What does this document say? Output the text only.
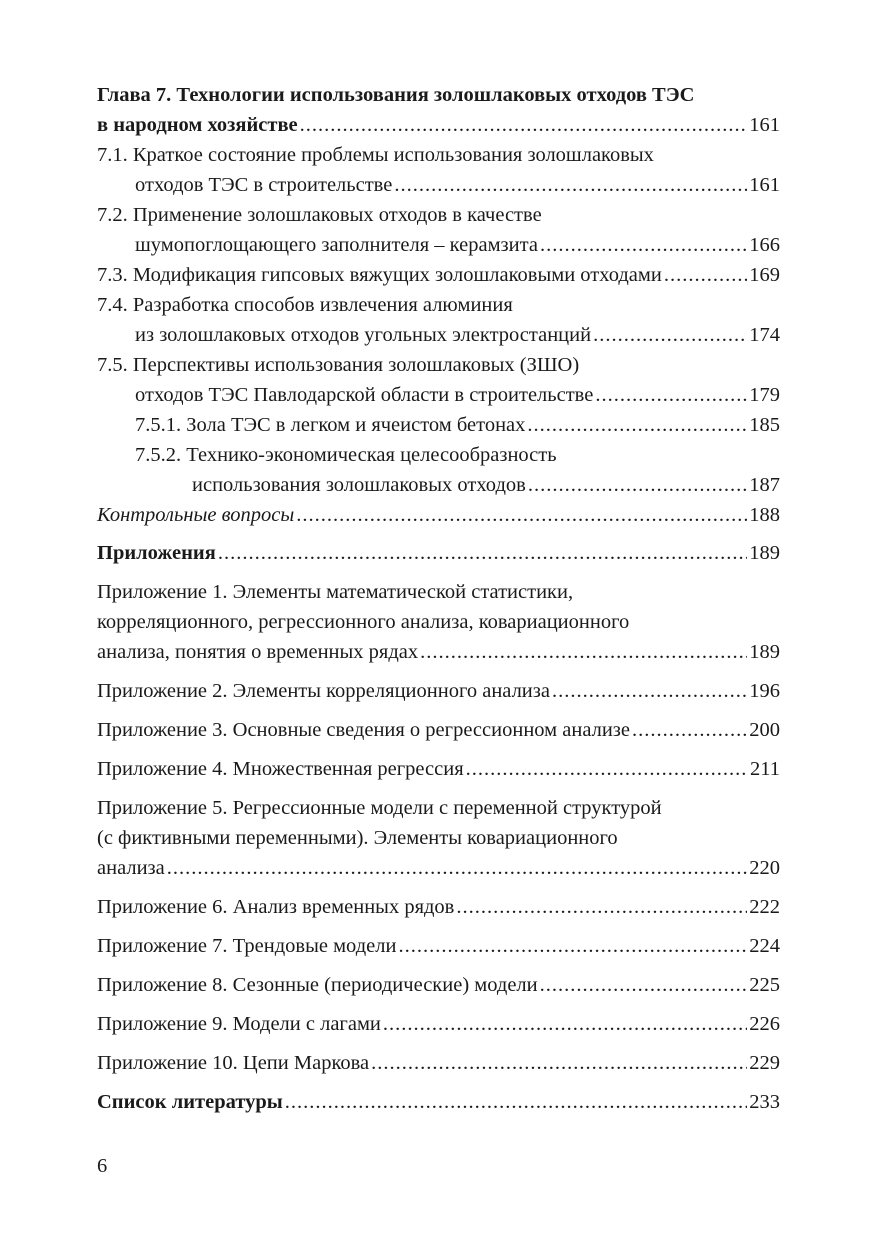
Глава 7. Технологии использования золошлаковых отходов ТЭС
в народном хозяйстве .....	161
7.1. Краткое состояние проблемы использования золошлаковых
отходов ТЭС в строительстве .....	161
7.2. Применение золошлаковых отходов в качестве
шумопоглощающего заполнителя – керамзита .....	166
7.3. Модификация гипсовых вяжущих золошлаковыми отходами .....	169
7.4. Разработка способов извлечения алюминия
из золошлаковых отходов угольных электростанций .....	174
7.5. Перспективы использования золошлаковых (ЗШО)
отходов ТЭС Павлодарской области в строительстве .....	179
7.5.1. Зола ТЭС в легком и ячеистом бетонах .....	185
7.5.2. Технико-экономическая целесообразность
использования золошлаковых отходов .....	187
Контрольные вопросы .....	188
Приложения .....	189
Приложение 1. Элементы математической статистики,
корреляционного, регрессионного анализа, ковариационного
анализа, понятия о временных рядах .....	189
Приложение 2. Элементы корреляционного анализа .....	196
Приложение 3. Основные сведения о регрессионном анализе .....	200
Приложение 4. Множественная регрессия .....	211
Приложение 5. Регрессионные модели с переменной структурой
(с фиктивными переменными). Элементы ковариационного
анализа .....	220
Приложение 6. Анализ временных рядов .....	222
Приложение 7. Трендовые модели .....	224
Приложение 8. Сезонные (периодические) модели .....	225
Приложение 9. Модели с лагами .....	226
Приложение 10. Цепи Маркова .....	229
Список литературы .....	233
6
